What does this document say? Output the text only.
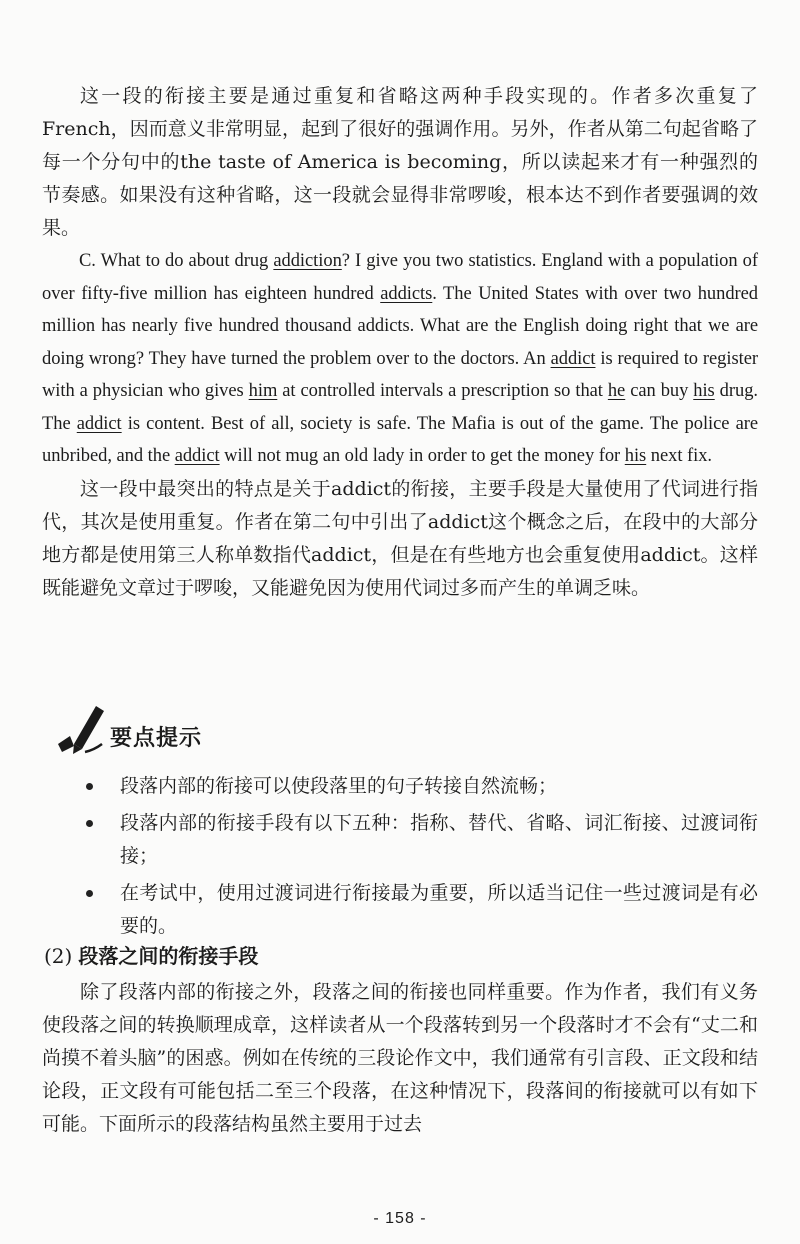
这一段的衔接主要是通过重复和省略这两种手段实现的。作者多次重复了French，因而意义非常明显，起到了很好的强调作用。另外，作者从第二句起省略了每一个分句中的the taste of America is becoming，所以读起来才有一种强烈的节奏感。如果没有这种省略，这一段就会显得非常啰唆，根本达不到作者要强调的效果。

C. What to do about drug addiction? I give you two statistics. England with a population of over fifty-five million has eighteen hundred addicts. The United States with over two hundred million has nearly five hundred thousand addicts. What are the English doing right that we are doing wrong? They have turned the problem over to the doctors. An addict is required to register with a physician who gives him at controlled intervals a prescription so that he can buy his drug. The addict is content. Best of all, society is safe. The Mafia is out of the game. The police are unbribed, and the addict will not mug an old lady in order to get the money for his next fix.

这一段中最突出的特点是关于addict的衔接，主要手段是大量使用了代词进行指代，其次是使用重复。作者在第二句中引出了addict这个概念之后，在段中的大部分地方都是使用第三人称单数指代addict，但是在有些地方也会重复使用addict。这样既能避免文章过于啰唆，又能避免因为使用代词过多而产生的单调乏味。

要点提示
段落内部的衔接可以使段落里的句子转接自然流畅；
段落内部的衔接手段有以下五种：指称、替代、省略、词汇衔接、过渡词衔接；
在考试中，使用过渡词进行衔接最为重要，所以适当记住一些过渡词是有必要的。
(2) 段落之间的衔接手段

除了段落内部的衔接之外，段落之间的衔接也同样重要。作为作者，我们有义务使段落之间的转换顺理成章，这样读者从一个段落转到另一个段落时才不会有“丈二和尚摸不着头脑”的困惑。例如在传统的三段论作文中，我们通常有引言段、正文段和结论段，正文段有可能包括二至三个段落，在这种情况下，段落间的衔接就可以有如下可能。下面所示的段落结构虽然主要用于过去

- 158 -
